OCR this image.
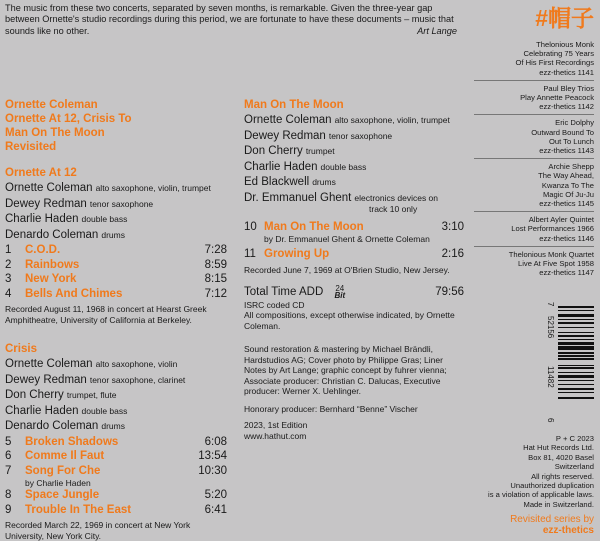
The music from these two concerts, separated by seven months, is remarkable. Given the three-year gap between Ornette's studio recordings during this period, we are fortunate to have these documents – music that sounds like no other.	Art Lange	#帽子
Ornette Coleman
Ornette At 12, Crisis To
Man On The Moon
Revisited
Ornette At 12
Ornette Coleman alto saxophone, violin, trumpet
Dewey Redman tenor saxophone
Charlie Haden double bass
Denardo Coleman drums
1 C.O.D.	7:28
2 Rainbows	8:59
3 New York	8:15
4 Bells And Chimes	7:12
Recorded August 11, 1968 in concert at Hearst Greek Amphitheatre, University of California at Berkeley.
Crisis
Ornette Coleman alto saxophone, violin
Dewey Redman tenor saxophone, clarinet
Don Cherry trumpet, flute
Charlie Haden double bass
Denardo Coleman drums
5 Broken Shadows	6:08
6 Comme Il Faut	13:54
7 Song For Che	10:30
by Charlie Haden
8 Space Jungle	5:20
9 Trouble In The East	6:41
Recorded March 22, 1969 in concert at New York University, New York City.
Man On The Moon
Ornette Coleman alto saxophone, violin, trumpet
Dewey Redman tenor saxophone
Don Cherry trumpet
Charlie Haden double bass
Ed Blackwell drums
Dr. Emmanuel Ghent electronics devices on
track 10 only
10 Man On The Moon	3:10
by Dr. Emmanuel Ghent & Ornette Coleman
11 Growing Up	2:16
Recorded June 7, 1969 at O'Brien Studio, New Jersey.
Total Time ADD 24
Bit	79:56
ISRC coded CD
All compositions, except otherwise indicated, by Ornette Coleman.
Sound restoration & mastering by Michael Brändli, Hardstudios AG; Cover photo by Philippe Gras; Liner Notes by Art Lange; graphic concept by fuhrer vienna; Associate producer: Christian C. Dalucas, Executive producer: Werner X. Uehlinger.
Honorary producer: Bernhard “Benne” Vischer
2023, 1st Edition
www.hathut.com
Thelonious Monk
Celebrating 75 Years
Of His First Recordings
ezz-thetics 1141
Paul Bley Trios
Play Annette Peacock
ezz-thetics 1142
Eric Dolphy
Outward Bound To
Out To Lunch
ezz-thetics 1143
Archie Shepp
The Way Ahead,
Kwanza To The
Magic Of Ju-Ju
ezz-thetics 1145
Albert Ayler Quintet
Lost Performances 1966
ezz-thetics 1146
Thelonious Monk Quartet
Live At Five Spot 1958
ezz-thetics 1147
7
52156
11482
6
P + C 2023
Hat Hut Records Ltd.
Box 81, 4020 Basel
Switzerland
All rights reserved.
Unauthorized duplication
is a violation of applicable laws.
Made in Switzerland.
Revisited series by
ezz-thetics
